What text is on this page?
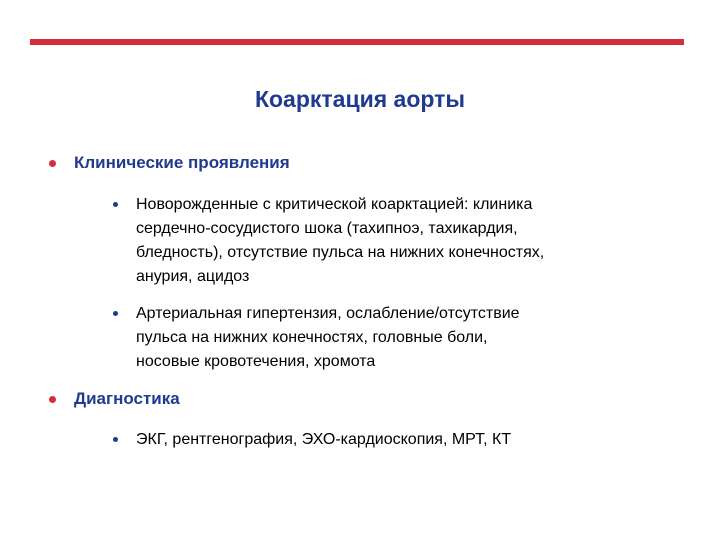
Коарктация аорты
Клинические проявления
Новорожденные с критической коарктацией: клиника
сердечно-сосудистого шока (тахипноэ, тахикардия,
бледность), отсутствие пульса на нижних конечностях,
анурия, ацидоз
Артериальная гипертензия, ослабление/отсутствие
пульса на нижних конечностях, головные боли,
носовые кровотечения, хромота
Диагностика
ЭКГ, рентгенография, ЭХО-кардиоскопия, МРТ, КТ
